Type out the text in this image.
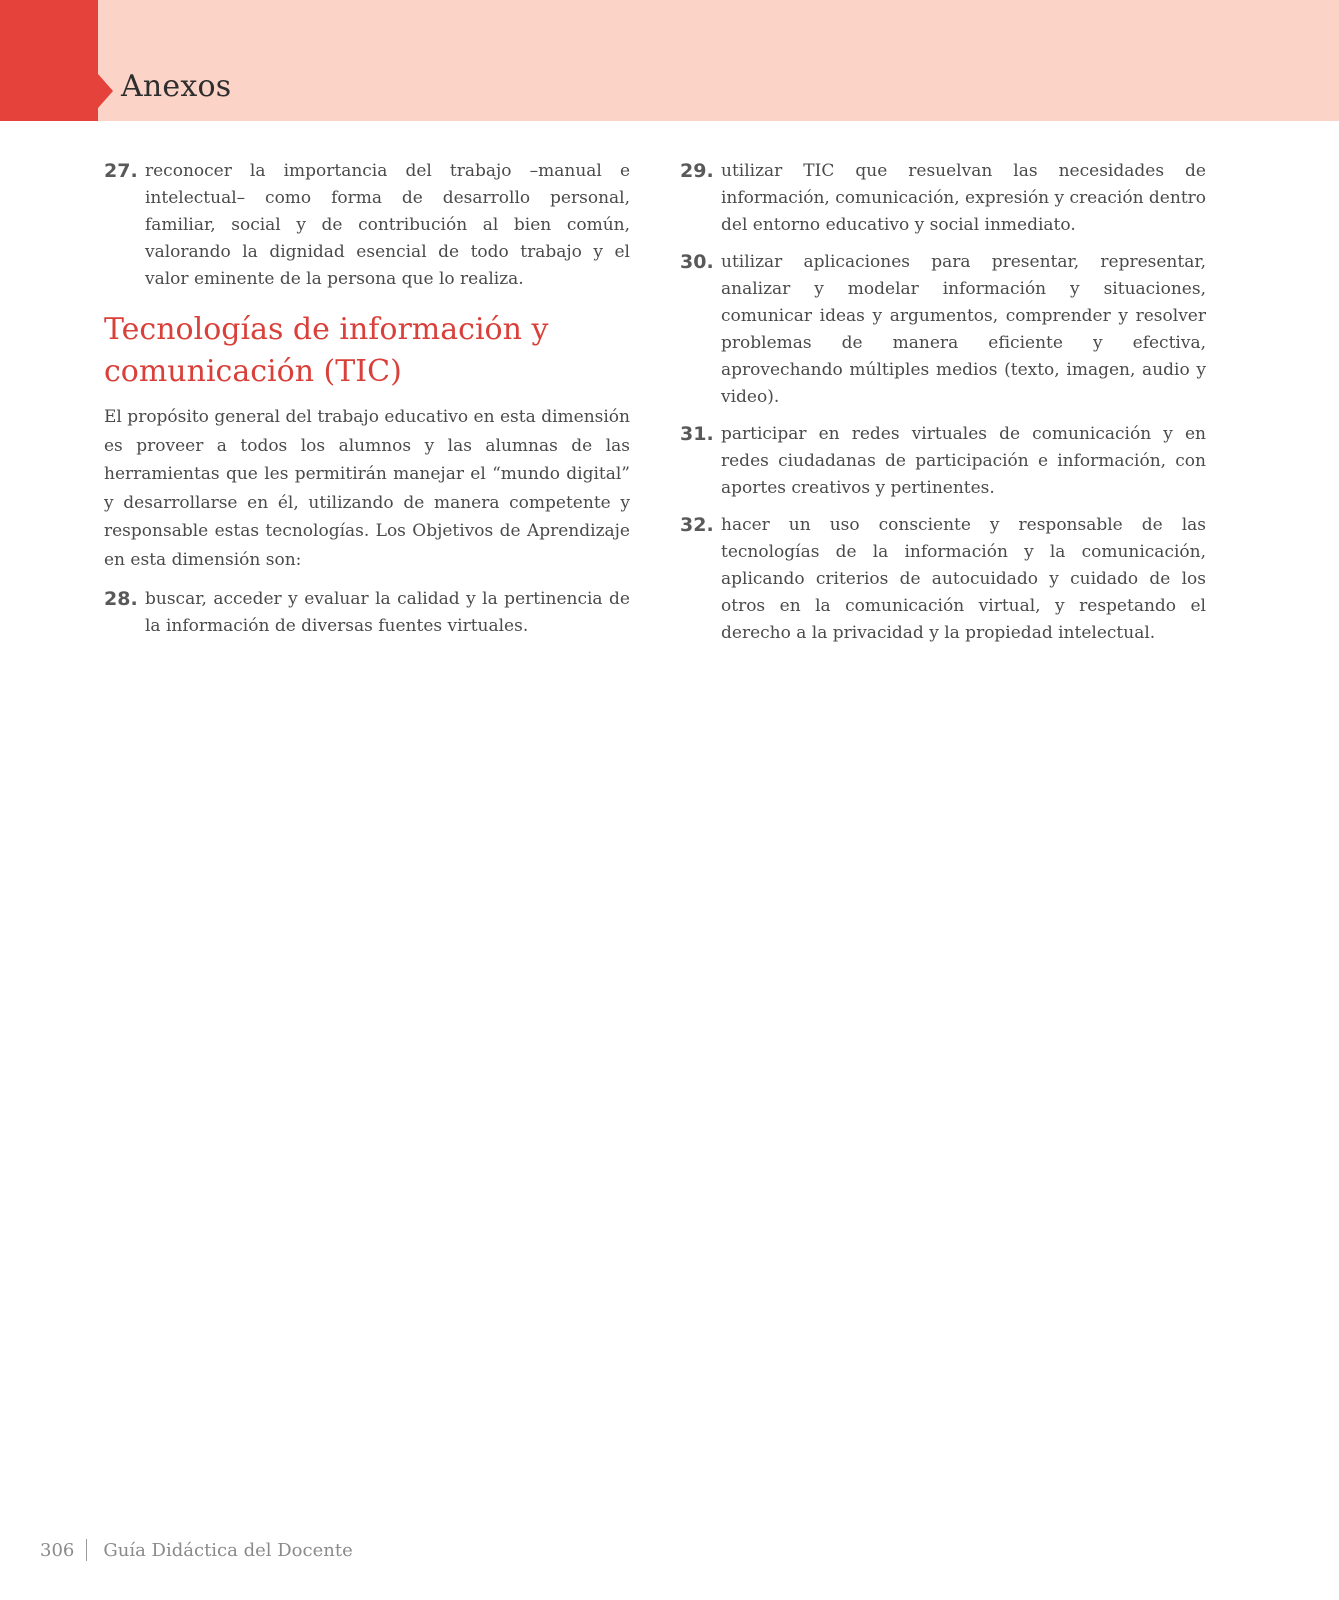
Anexos
27. reconocer la importancia del trabajo –manual e intelectual– como forma de desarrollo personal, familiar, social y de contribución al bien común, valorando la dignidad esencial de todo trabajo y el valor eminente de la persona que lo realiza.

Tecnologías de información y comunicación (TIC)

El propósito general del trabajo educativo en esta dimensión es proveer a todos los alumnos y las alumnas de las herramientas que les permitirán manejar el “mundo digital” y desarrollarse en él, utilizando de manera competente y responsable estas tecnologías. Los Objetivos de Aprendizaje en esta dimensión son:

28. buscar, acceder y evaluar la calidad y la pertinencia de la información de diversas fuentes virtuales.

29. utilizar TIC que resuelvan las necesidades de información, comunicación, expresión y creación dentro del entorno educativo y social inmediato.

30. utilizar aplicaciones para presentar, representar, analizar y modelar información y situaciones, comunicar ideas y argumentos, comprender y resolver problemas de manera eficiente y efectiva, aprovechando múltiples medios (texto, imagen, audio y video).

31. participar en redes virtuales de comunicación y en redes ciudadanas de participación e información, con aportes creativos y pertinentes.

32. hacer un uso consciente y responsable de las tecnologías de la información y la comunicación, aplicando criterios de autocuidado y cuidado de los otros en la comunicación virtual, y respetando el derecho a la privacidad y la propiedad intelectual.

306 Guía Didáctica del Docente
